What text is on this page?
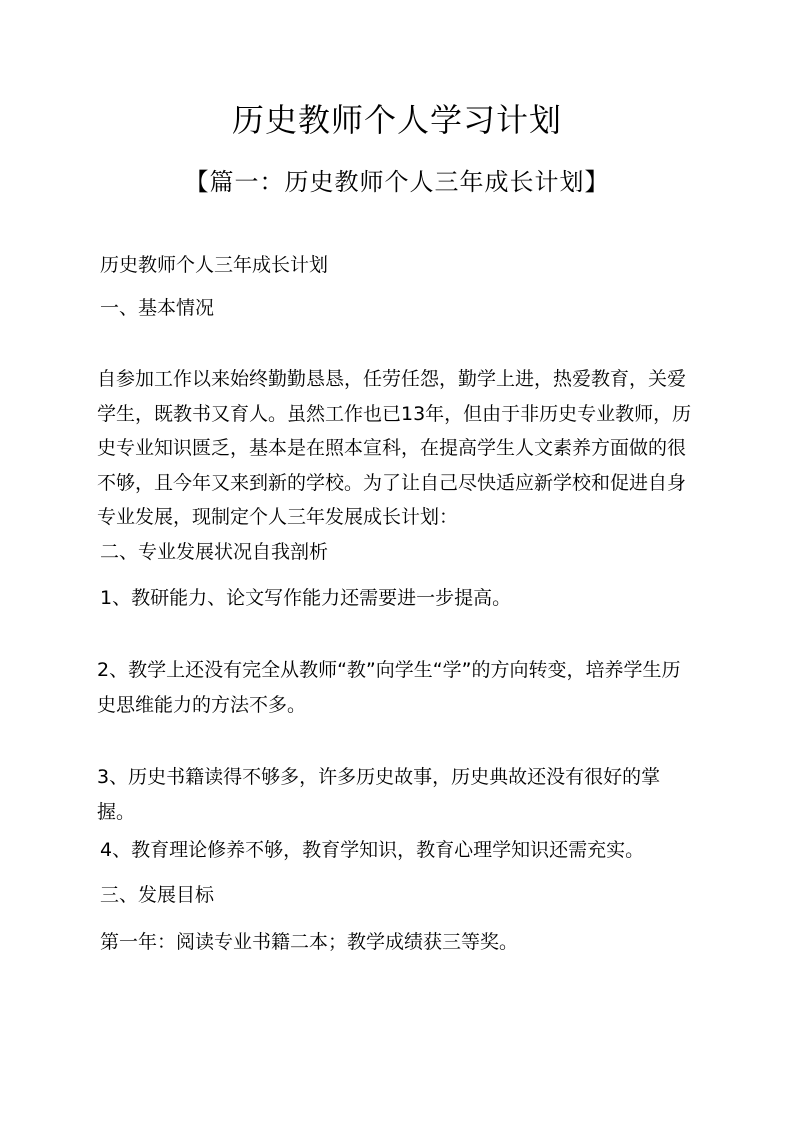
历史教师个人学习计划
【篇一：历史教师个人三年成长计划】
历史教师个人三年成长计划
一、基本情况
自参加工作以来始终勤勤恳恳，任劳任怨，勤学上进，热爱教育，关爱学生，既教书又育人。虽然工作也已13年，但由于非历史专业教师，历史专业知识匮乏，基本是在照本宣科，在提高学生人文素养方面做的很不够，且今年又来到新的学校。为了让自己尽快适应新学校和促进自身专业发展，现制定个人三年发展成长计划：
二、专业发展状况自我剖析
1、教研能力、论文写作能力还需要进一步提高。
2、教学上还没有完全从教师“教”向学生“学”的方向转变，培养学生历史思维能力的方法不多。
3、历史书籍读得不够多，许多历史故事，历史典故还没有很好的掌握。
4、教育理论修养不够，教育学知识，教育心理学知识还需充实。
三、发展目标
第一年：阅读专业书籍二本；教学成绩获三等奖。
